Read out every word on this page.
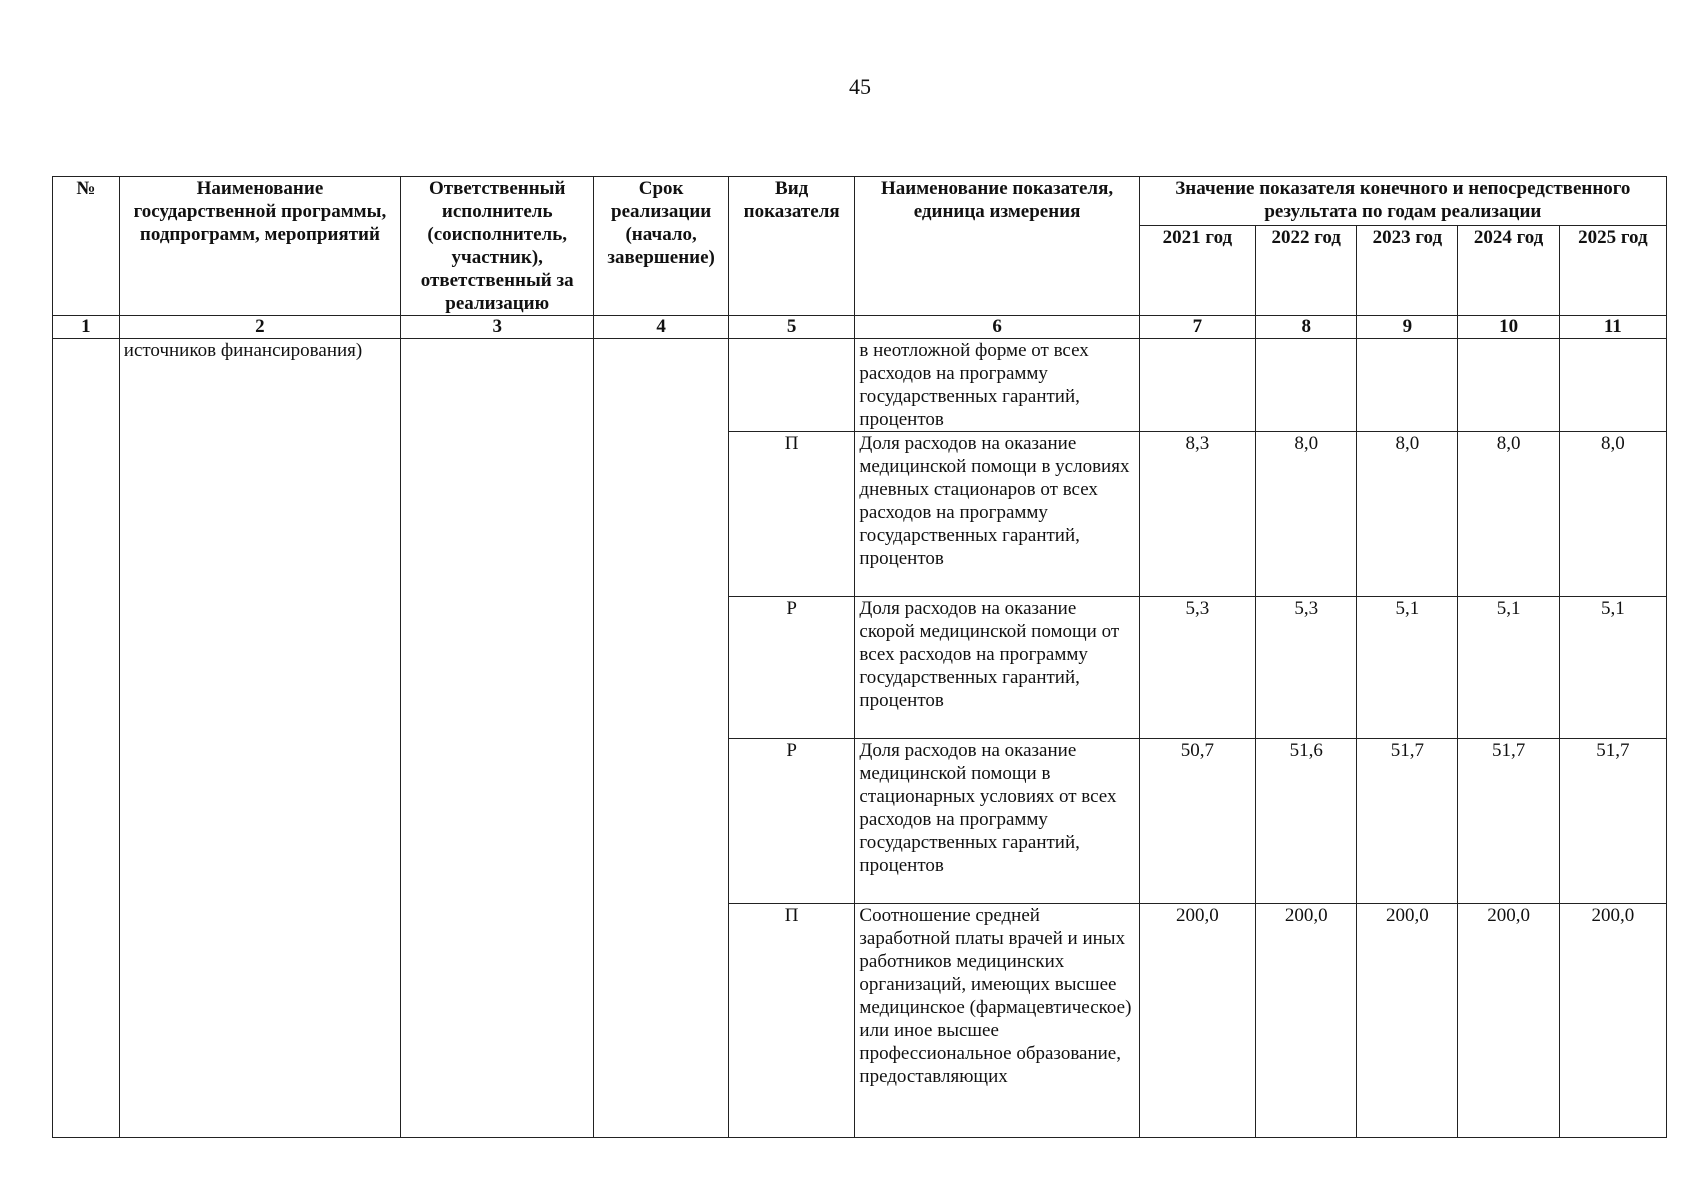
45
№	Наименование государственной программы, подпрограмм, мероприятий	Ответственный исполнитель (соисполнитель, участник), ответственный за реализацию	Срок реализации (начало, завершение)	Вид показателя	Наименование показателя, единица измерения	Значение показателя конечного и непосредственного результата по годам реализации				
						2021 год	2022 год	2023 год	2024 год	2025 год
1	2	3	4	5	6	7	8	9	10	11
	источников финансирования)				в неотложной форме от всех расходов на программу государственных гарантий, процентов					
				П	Доля расходов на оказание медицинской помощи в условиях дневных стационаров от всех расходов на программу государственных гарантий, процентов	8,3	8,0	8,0	8,0	8,0
				Р	Доля расходов на оказание скорой медицинской помощи от всех расходов на программу государственных гарантий, процентов	5,3	5,3	5,1	5,1	5,1
				Р	Доля расходов на оказание медицинской помощи в стационарных условиях от всех расходов на программу государственных гарантий, процентов	50,7	51,6	51,7	51,7	51,7
				П	Соотношение средней заработной платы врачей и иных работников медицинских организаций, имеющих высшее медицинское (фармацевтическое) или иное высшее профессиональное образование, предоставляющих	200,0	200,0	200,0	200,0	200,0
